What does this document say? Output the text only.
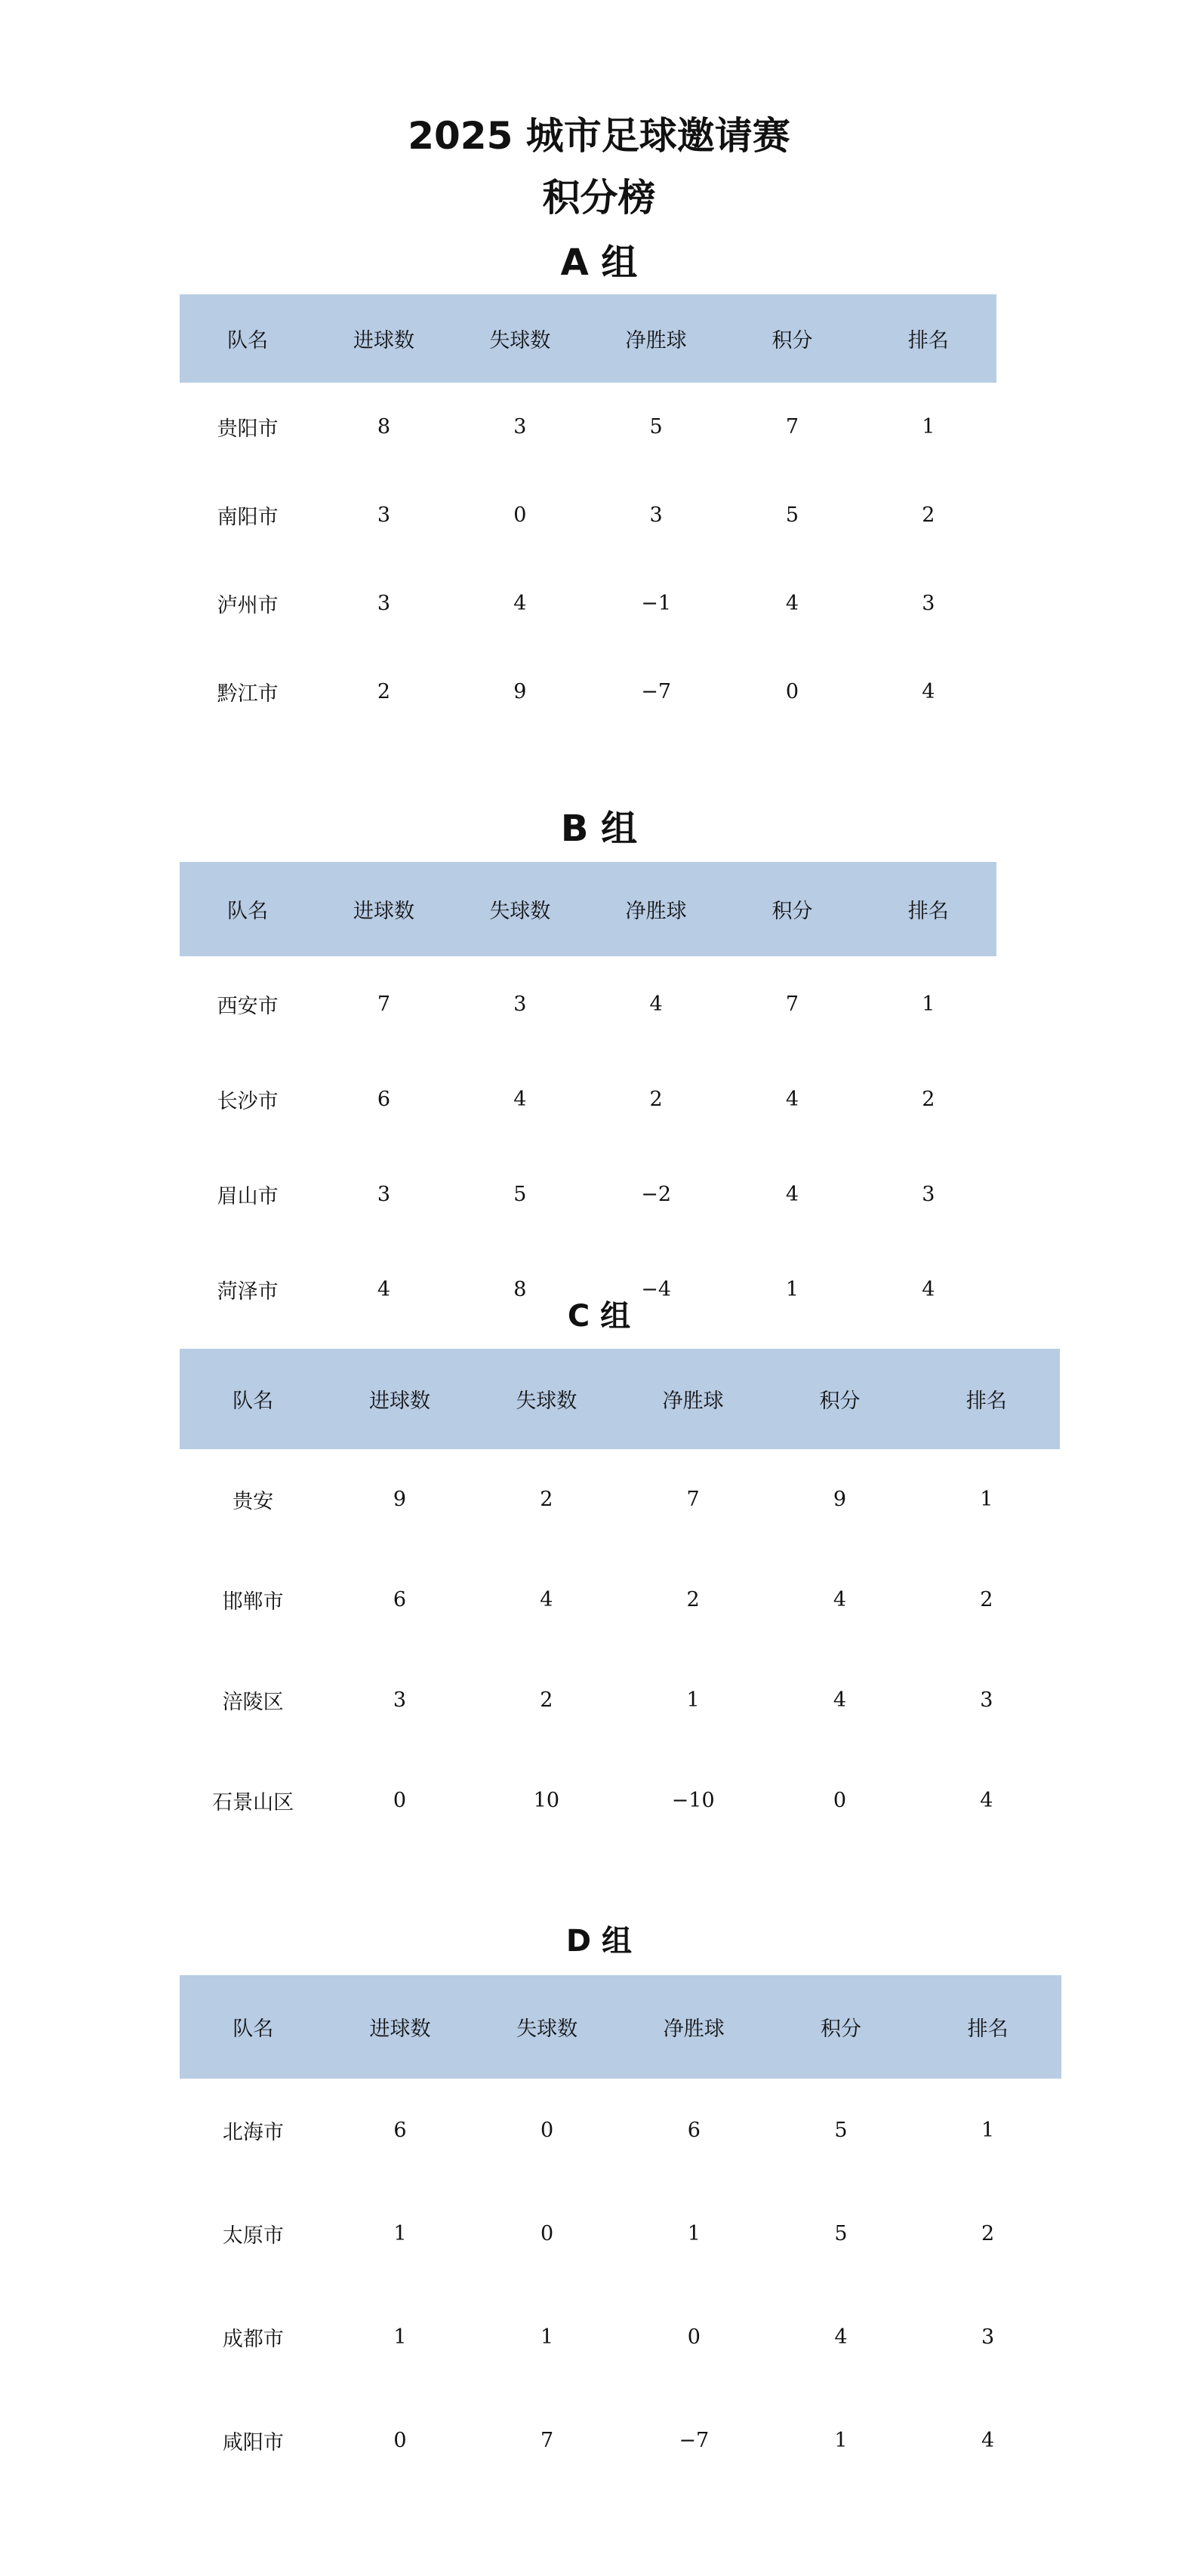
2025 城市足球邀请赛
积分榜
A 组
队名	进球数	失球数	净胜球	积分	排名
贵阳市	8	3	5	7	1
南阳市	3	0	3	5	2
泸州市	3	4	−1	4	3
黔江市	2	9	−7	0	4
B 组
队名	进球数	失球数	净胜球	积分	排名
西安市	7	3	4	7	1
长沙市	6	4	2	4	2
眉山市	3	5	−2	4	3
菏泽市	4	8	−4	1	4
C 组
队名	进球数	失球数	净胜球	积分	排名
贵安	9	2	7	9	1
邯郸市	6	4	2	4	2
涪陵区	3	2	1	4	3
石景山区	0	10	−10	0	4
D 组
队名	进球数	失球数	净胜球	积分	排名
北海市	6	0	6	5	1
太原市	1	0	1	5	2
成都市	1	1	0	4	3
咸阳市	0	7	−7	1	4
